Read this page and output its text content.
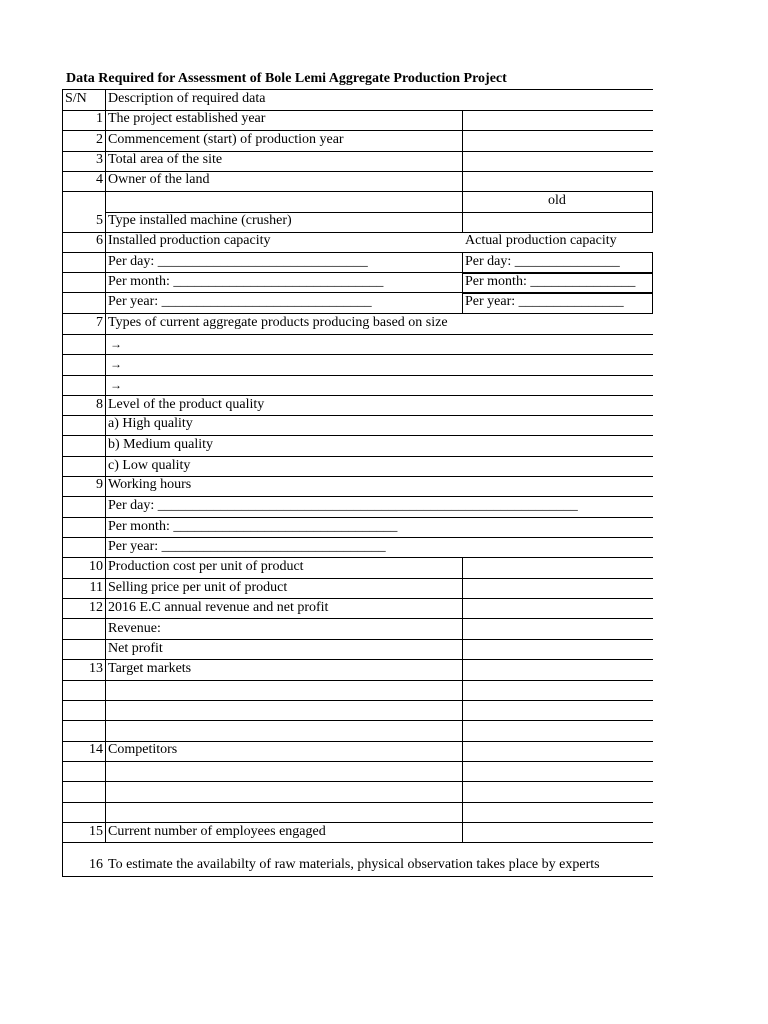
Data Required for Assessment of Bole Lemi Aggregate Production Project
S/N Description of required data
1 The project established year
2 Commencement (start) of production year
3 Total area of the site
4 Owner of the land
old
5 Type installed machine (crusher)
6 Installed production capacity	Actual production capacity
Per day: ______________________________	Per day: _______________
Per month: ______________________________	Per month: _______________
Per year: ______________________________	Per year: _______________
7 Types of current aggregate products producing based on size
→
→
→
8 Level of the product quality
a) High quality
b) Medium quality
c) Low quality
9 Working hours
Per day: ____________________________________________________________
Per month: ________________________________
Per year: ________________________________
10 Production cost per unit of product
11 Selling price per unit of product
12 2016 E.C annual revenue and net profit
Revenue:
Net profit
13 Target markets
14 Competitors
15 Current number of employees engaged
16 To estimate the availabilty of raw materials, physical observation takes place by experts
